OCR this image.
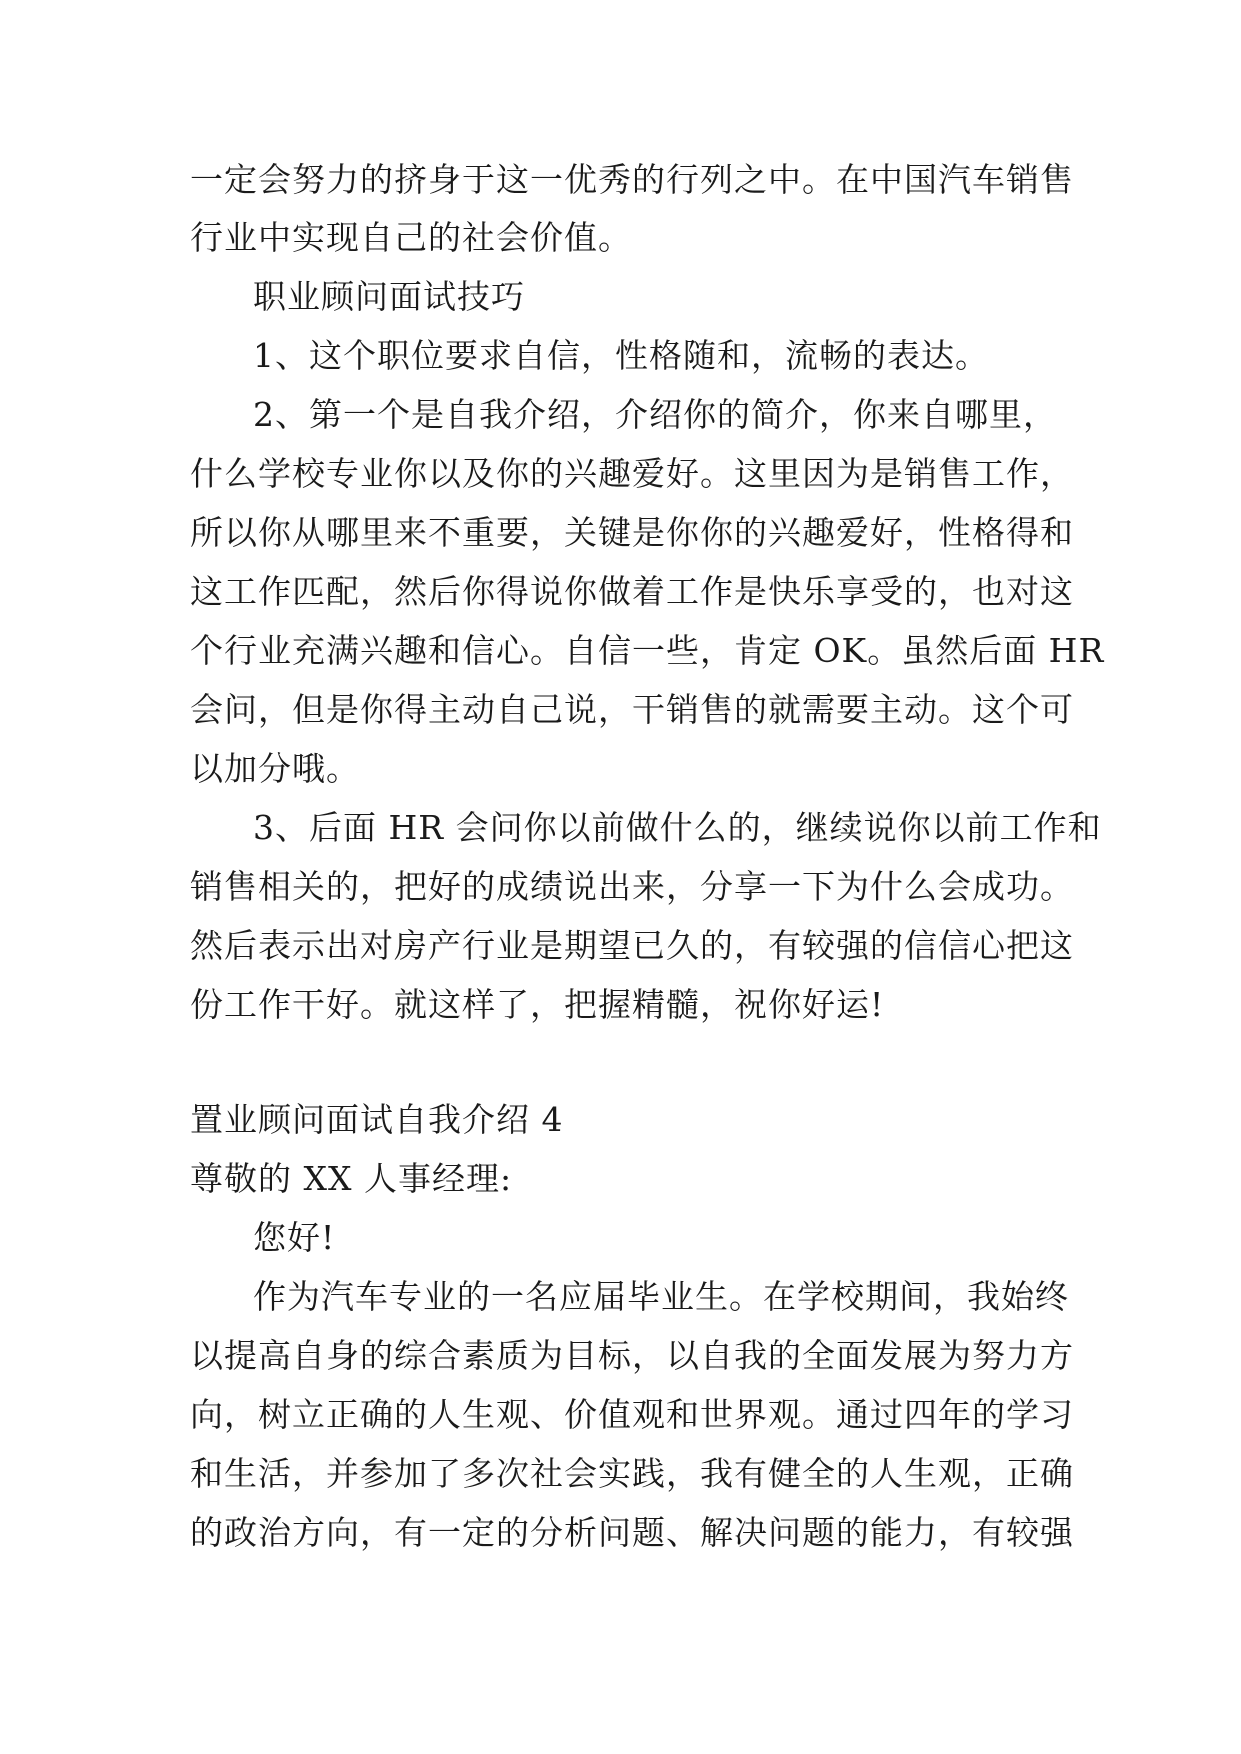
一定会努力的挤身于这一优秀的行列之中。在中国汽车销售
行业中实现自己的社会价值。
职业顾问面试技巧
1、这个职位要求自信，性格随和，流畅的表达。
2、第一个是自我介绍，介绍你的简介，你来自哪里，
什么学校专业你以及你的兴趣爱好。这里因为是销售工作，
所以你从哪里来不重要，关键是你你的兴趣爱好，性格得和
这工作匹配，然后你得说你做着工作是快乐享受的，也对这
个行业充满兴趣和信心。自信一些，肯定 OK。虽然后面 HR
会问，但是你得主动自己说，干销售的就需要主动。这个可
以加分哦。
3、后面 HR 会问你以前做什么的，继续说你以前工作和
销售相关的，把好的成绩说出来，分享一下为什么会成功。
然后表示出对房产行业是期望已久的，有较强的信信心把这
份工作干好。就这样了，把握精髓，祝你好运!
置业顾问面试自我介绍 4
尊敬的 XX 人事经理:
您好!
作为汽车专业的一名应届毕业生。在学校期间，我始终
以提高自身的综合素质为目标，以自我的全面发展为努力方
向，树立正确的人生观、价值观和世界观。通过四年的学习
和生活，并参加了多次社会实践，我有健全的人生观，正确
的政治方向，有一定的分析问题、解决问题的能力，有较强
